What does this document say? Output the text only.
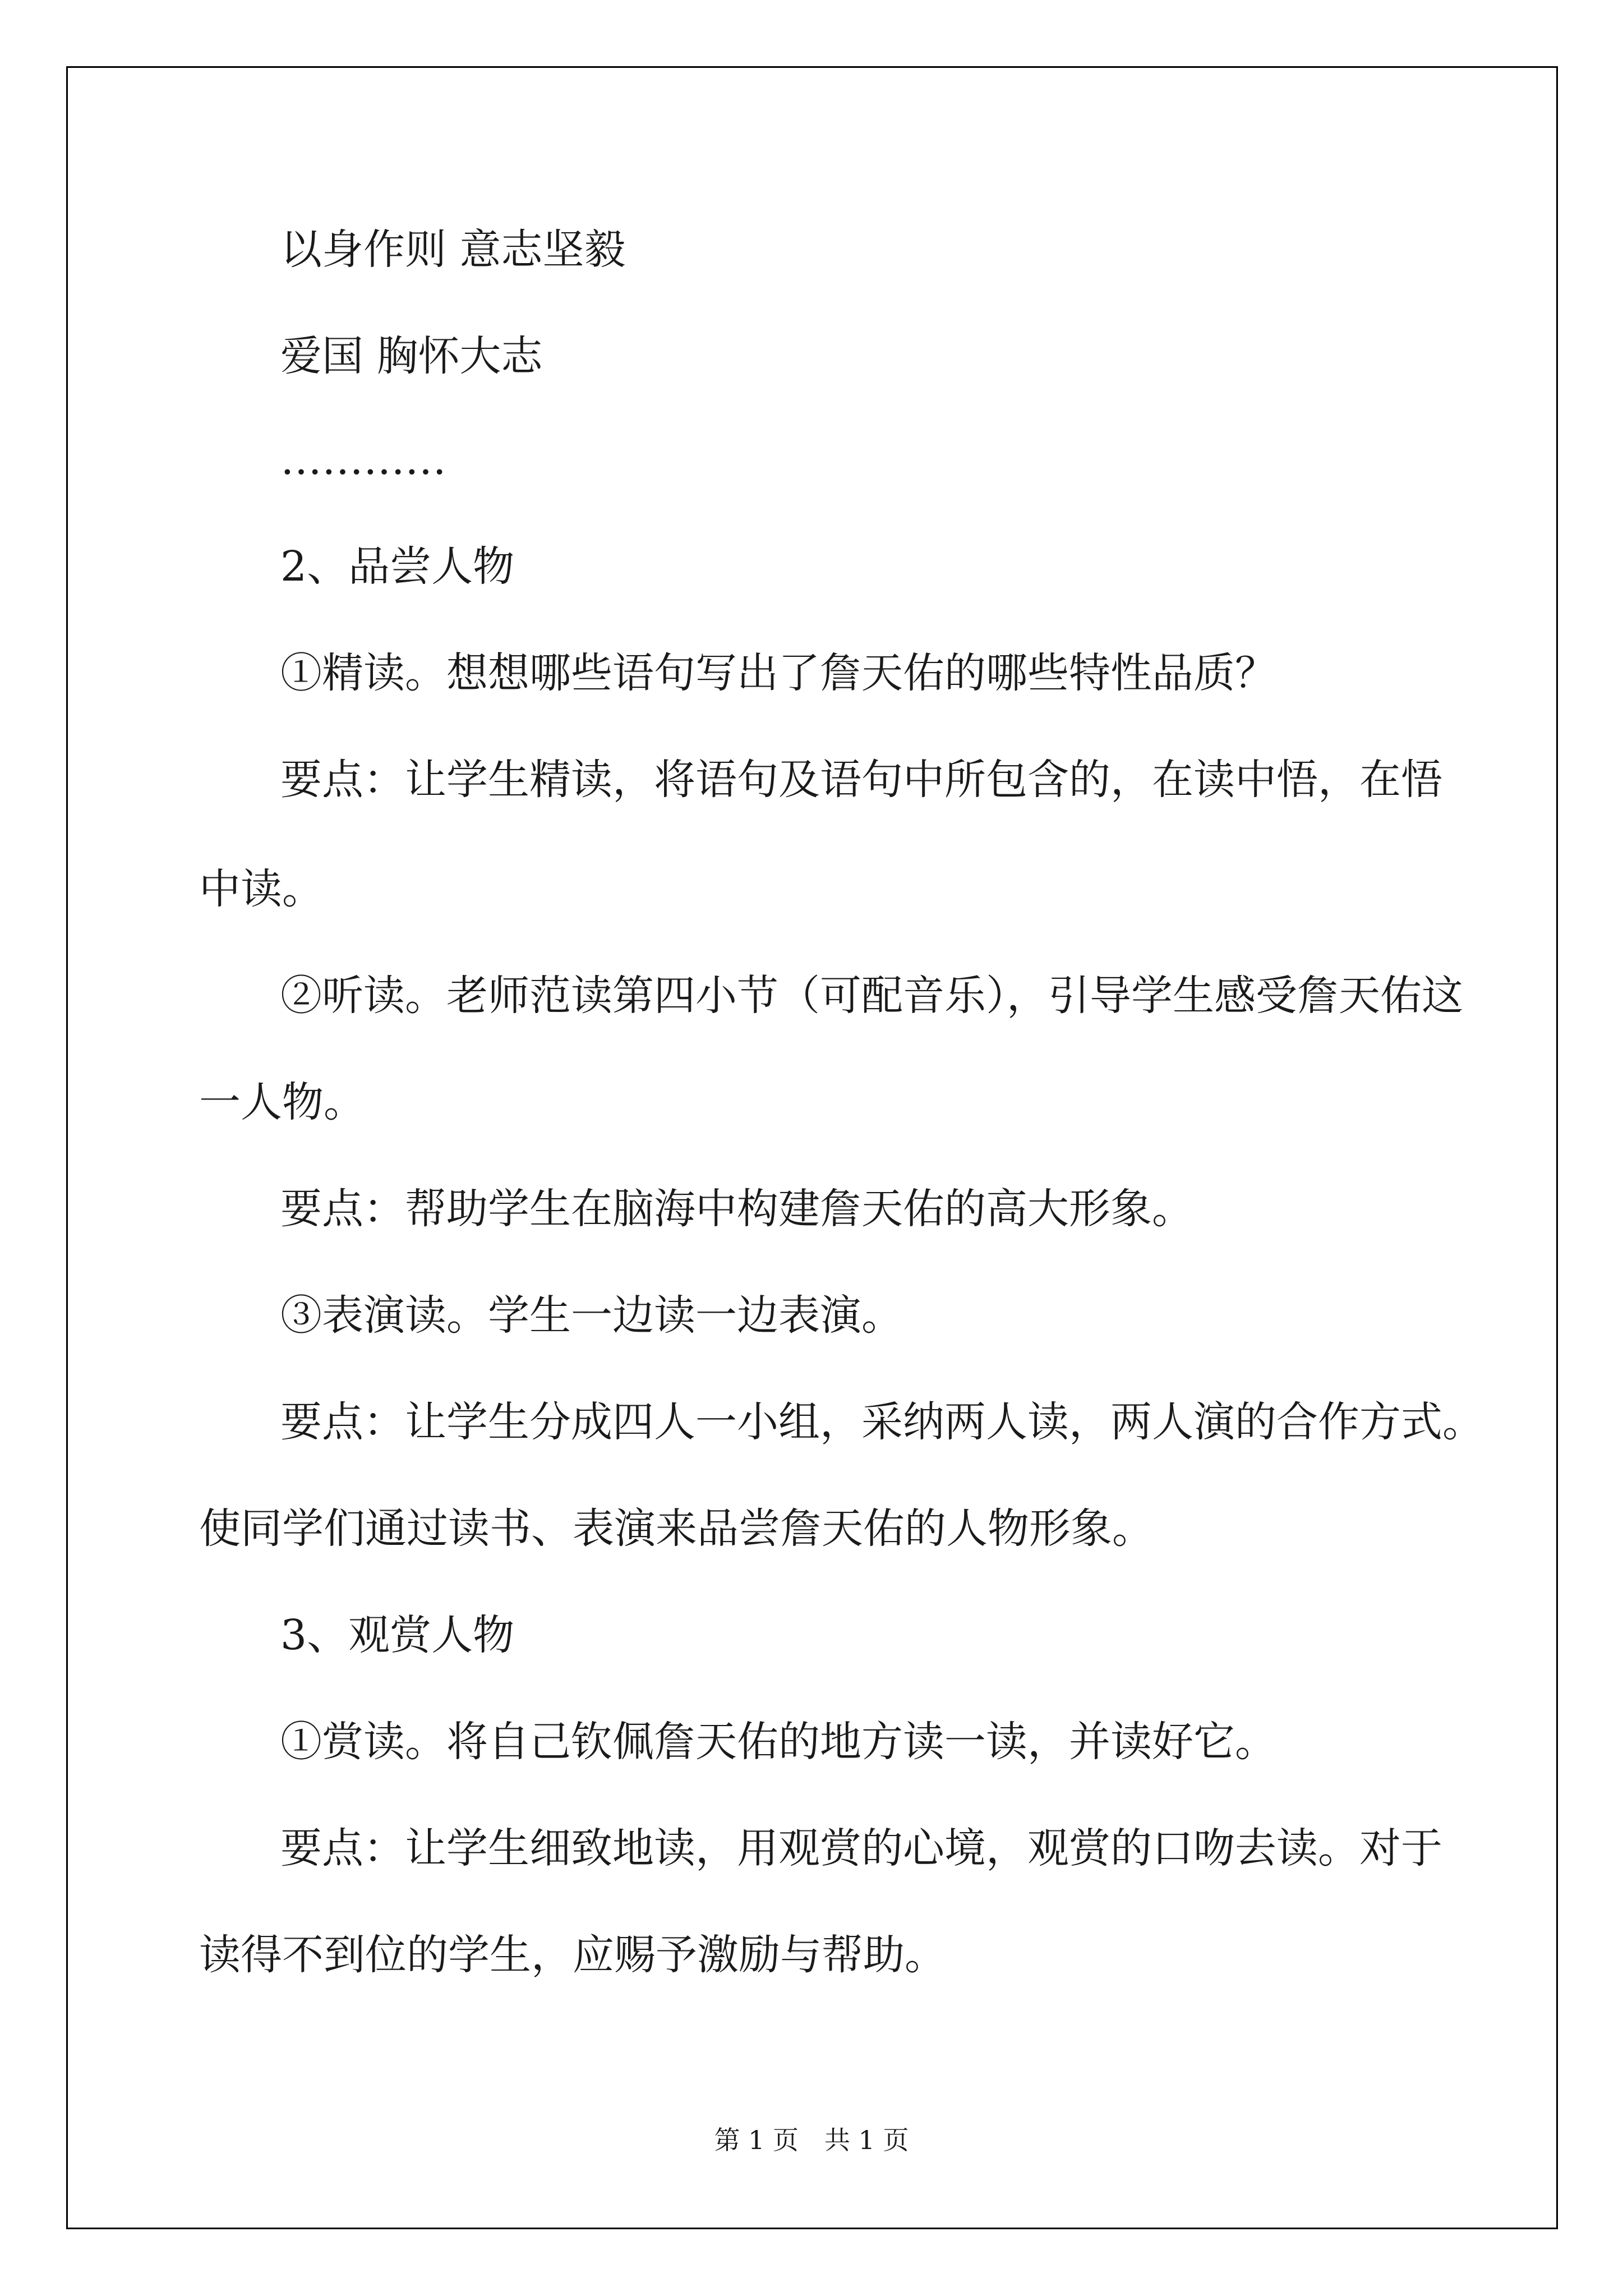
以身作则 意志坚毅
爱国 胸怀大志
…………
2、品尝人物
①精读。想想哪些语句写出了詹天佑的哪些特性品质？
要点：让学生精读，将语句及语句中所包含的，在读中悟，在悟
中读。
②听读。老师范读第四小节（可配音乐），引导学生感受詹天佑这
一人物。
要点：帮助学生在脑海中构建詹天佑的高大形象。
③表演读。学生一边读一边表演。
要点：让学生分成四人一小组，采纳两人读，两人演的合作方式。
使同学们通过读书、表演来品尝詹天佑的人物形象。
3、观赏人物
①赏读。将自己钦佩詹天佑的地方读一读，并读好它。
要点：让学生细致地读，用观赏的心境，观赏的口吻去读。对于
读得不到位的学生，应赐予激励与帮助。
第 1 页　共 1 页
